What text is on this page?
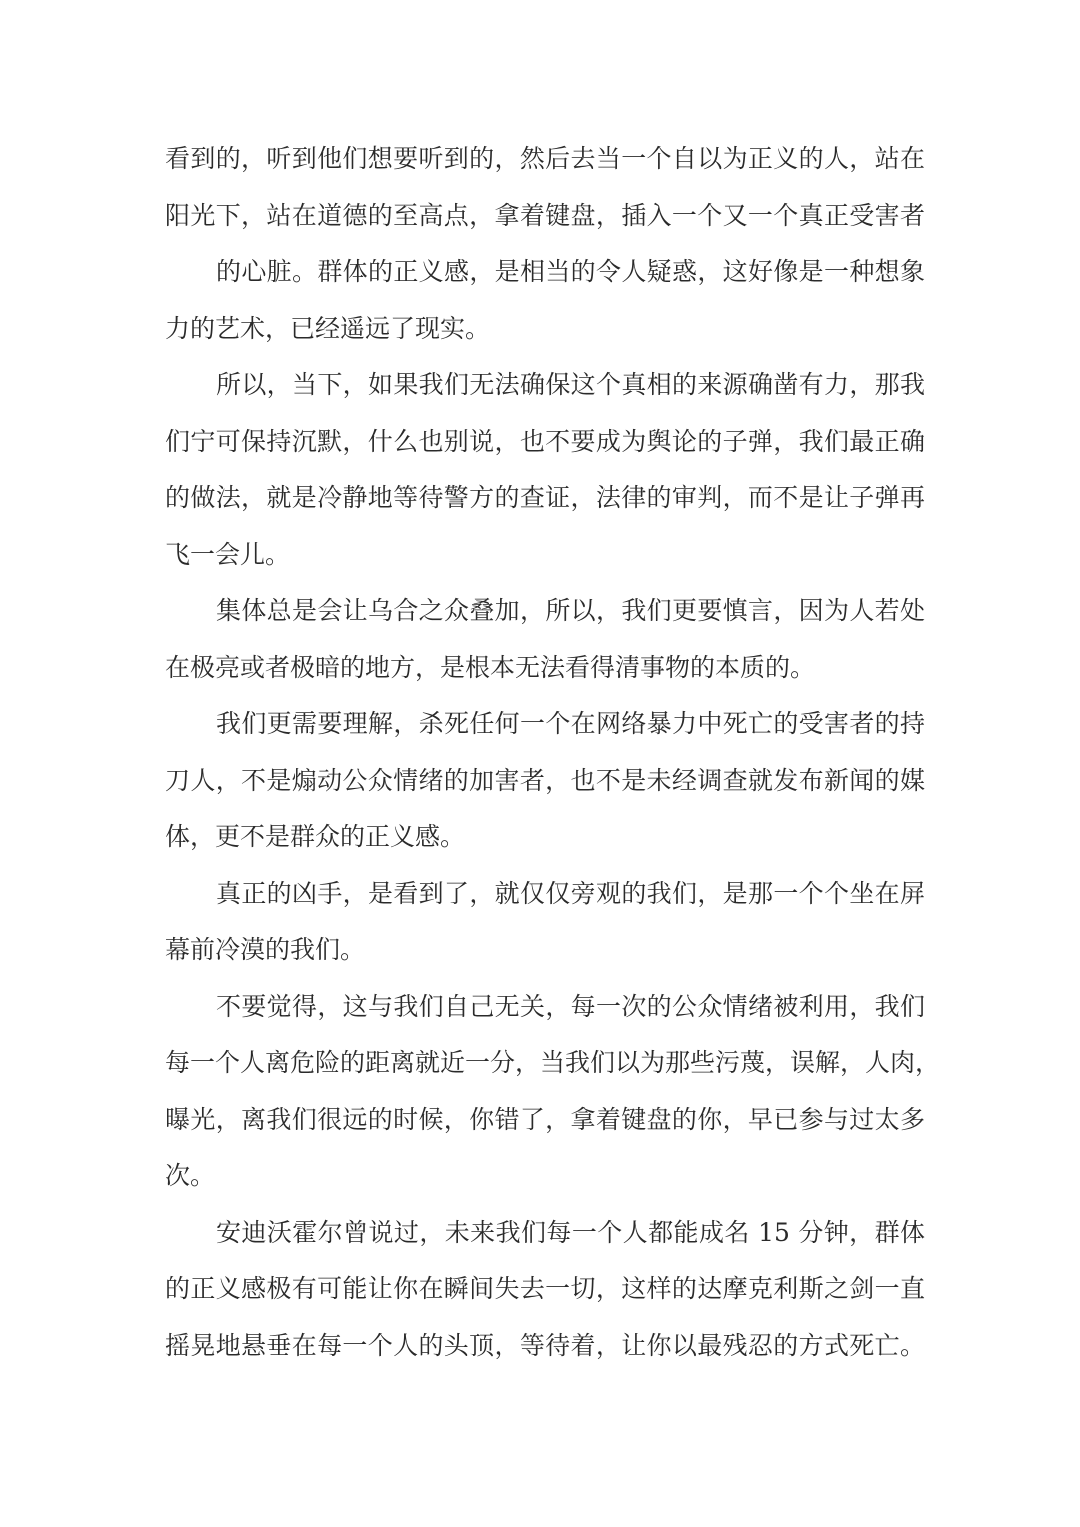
看到的，听到他们想要听到的，然后去当一个自以为正义的人，站在
阳光下，站在道德的至高点，拿着键盘，插入一个又一个真正受害者
的心脏。群体的正义感，是相当的令人疑惑，这好像是一种想象
力的艺术，已经遥远了现实。
所以，当下，如果我们无法确保这个真相的来源确凿有力，那我
们宁可保持沉默，什么也别说，也不要成为舆论的子弹，我们最正确
的做法，就是冷静地等待警方的查证，法律的审判，而不是让子弹再
飞一会儿。
集体总是会让乌合之众叠加，所以，我们更要慎言，因为人若处
在极亮或者极暗的地方，是根本无法看得清事物的本质的。
我们更需要理解，杀死任何一个在网络暴力中死亡的受害者的持
刀人，不是煽动公众情绪的加害者，也不是未经调查就发布新闻的媒
体，更不是群众的正义感。
真正的凶手，是看到了，就仅仅旁观的我们，是那一个个坐在屏
幕前冷漠的我们。
不要觉得，这与我们自己无关，每一次的公众情绪被利用，我们
每一个人离危险的距离就近一分，当我们以为那些污蔑，误解，人肉，
曝光，离我们很远的时候，你错了，拿着键盘的你，早已参与过太多
次。
安迪沃霍尔曾说过，未来我们每一个人都能成名 15 分钟，群体
的正义感极有可能让你在瞬间失去一切，这样的达摩克利斯之剑一直
摇晃地悬垂在每一个人的头顶，等待着，让你以最残忍的方式死亡。
